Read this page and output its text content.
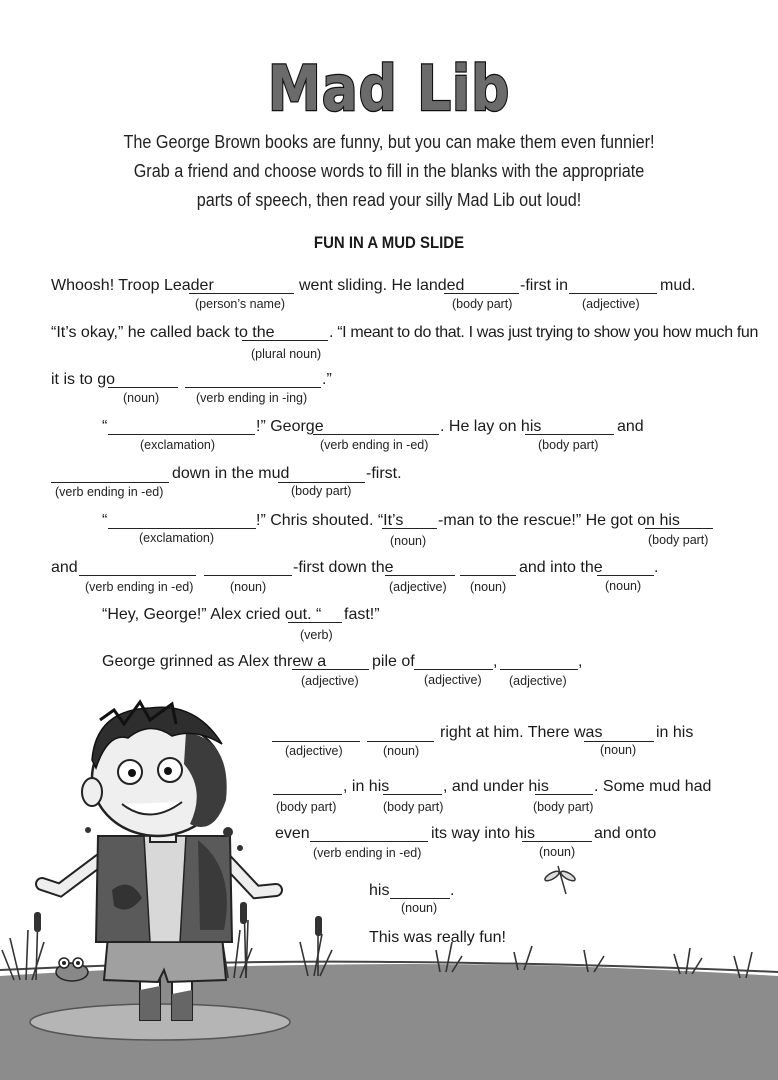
Mad Lib
The George Brown books are funny, but you can make them even funnier!
Grab a friend and choose words to fill in the blanks with the appropriate
parts of speech, then read your silly Mad Lib out loud!
FUN IN A MUD SLIDE
Whoosh! Troop Leader
(person’s name)
went sliding. He landed
(body part)
-first in
(adjective)
mud.
“It’s okay,” he called back to the
(plural noun)
. “I meant to do that. I was just trying to show you how much fun
it is to go
(noun)	(verb ending in -ing)
.”
“
(exclamation)
!” George
(verb ending in -ed)
. He lay on his
(body part)
and
(verb ending in -ed)
down in the mud
(body part)
-first.
“
(exclamation)
!” Chris shouted. “It’s
(noun)
-man to the rescue!” He got on his
(body part)
and
(verb ending in -ed)	(noun)
-first down the
(adjective) (noun)
and into the
(noun)
.
“Hey, George!” Alex cried out. “
(verb)
fast!”
George grinned as Alex threw a
(adjective)
pile of
(adjective)
,
(adjective)
,
(adjective)	(noun)
right at him. There was
(noun)
in his
(body part)
, in his
(body part)
, and under his
(body part)
. Some mud had
even
(verb ending in -ed)
its way into his
(noun)
and onto
his
(noun)
.
This was really fun!
